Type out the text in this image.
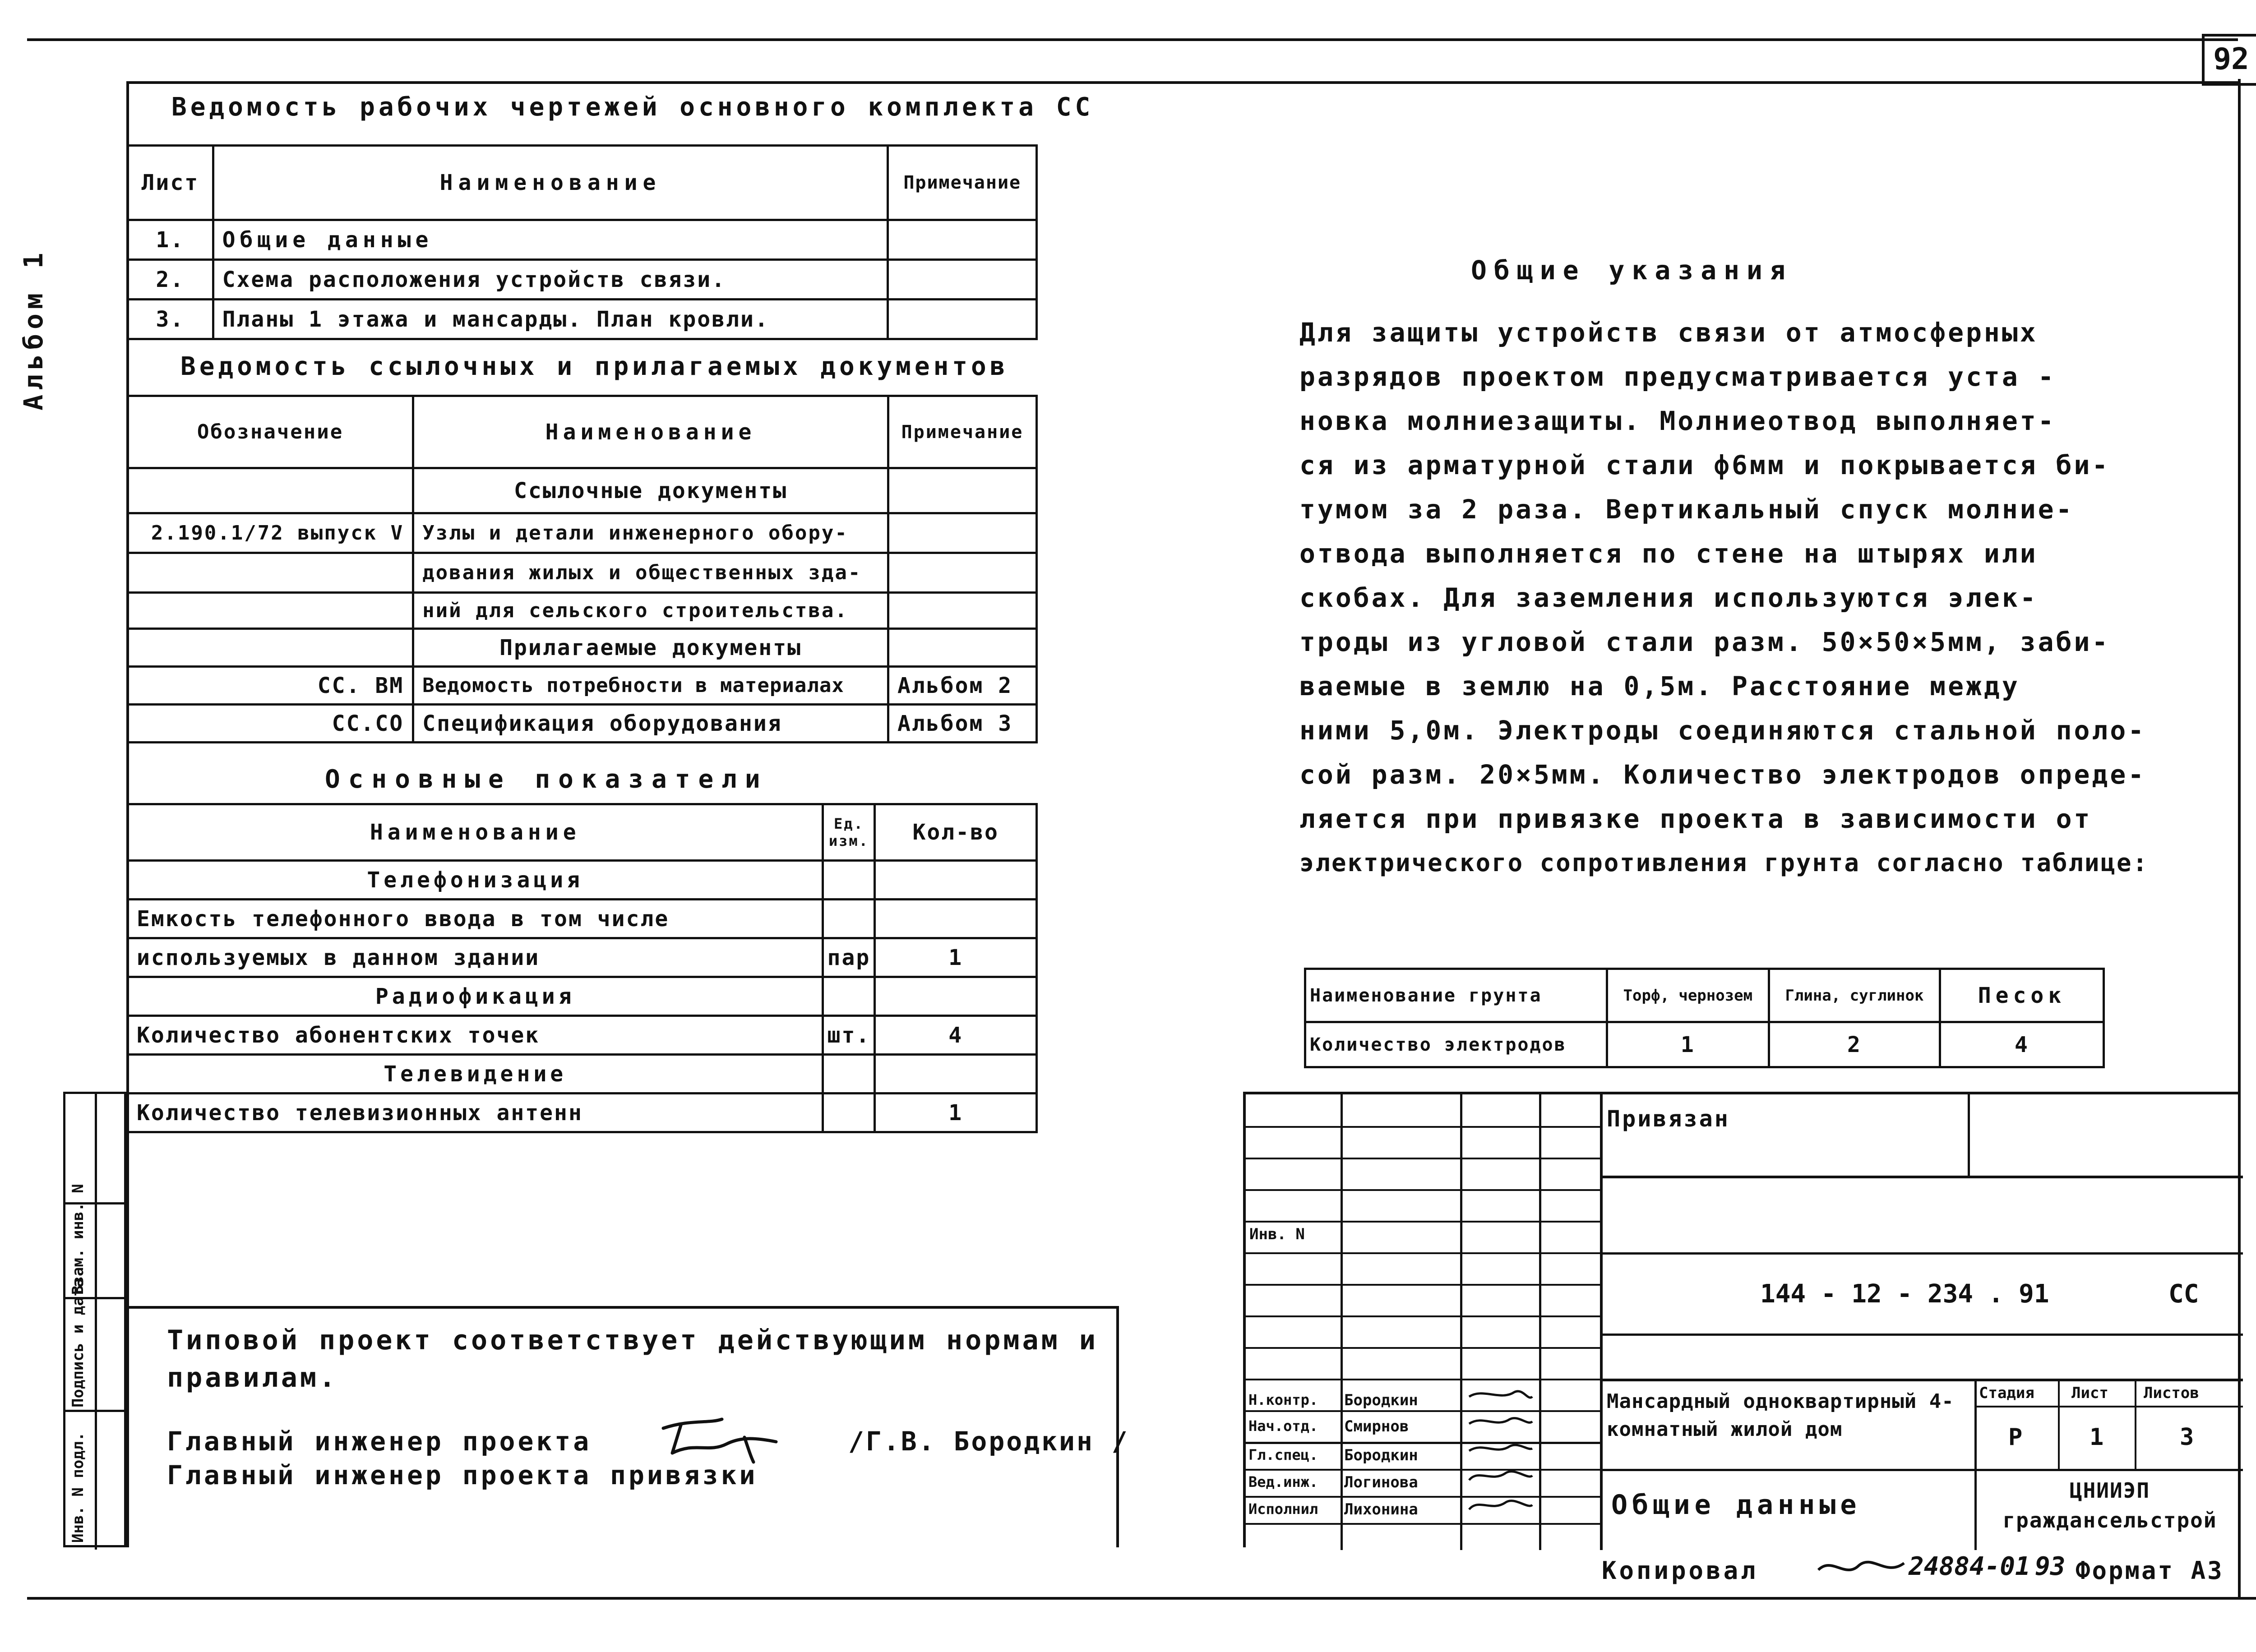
92
Альбом 1
Ведомость рабочих чертежей основного комплекта СС
Лист	Наименование	Примечание
1.	Общие данные	
2.	Схема расположения устройств связи.	
3.	Планы 1 этажа и мансарды. План кровли.	
Ведомость ссылочных и прилагаемых документов
Обозначение	Наименование	Примечание
	Ссылочные документы	
2.190.1/72 выпуск V	Узлы и детали инженерного обору-	
	дования жилых и общественных зда-	
	ний для сельского строительства.	
	Прилагаемые документы	
СС. ВМ	Ведомость потребности в материалах	Альбом 2
СС.СО	Спецификация оборудования	Альбом 3
Основные показатели
Наименование	Ед. изм.	Кол-во
Телефонизация		
Емкость телефонного ввода в том числе		
используемых в данном здании	пар	1
Радиофикация		
Количество абонентских точек	шт.	4
Телевидение		
Количество телевизионных антенн		1
Общие указания
Для защиты устройств связи от атмосферных
разрядов проектом предусматривается уста -
новка молниезащиты. Молниеотвод выполняет-
ся из арматурной стали ф6мм и покрывается би-
тумом за 2 раза. Вертикальный спуск молние-
отвода выполняется по стене на штырях или
скобах. Для заземления используются элек-
троды из угловой стали разм. 50×50×5мм, заби-
ваемые в землю на 0,5м. Расстояние между
ними 5,0м. Электроды соединяются стальной поло-
сой разм. 20×5мм. Количество электродов опреде-
ляется при привязке проекта в зависимости от
электрического сопротивления грунта согласно таблице:
Наименование грунта	Торф, чернозем	Глина, суглинок	Песок
Количество электродов	1	2	4
Типовой проект соответствует действующим нормам и
правилам.
Главный инженер проекта	/Г.В. Бородкин /
Главный инженер проекта привязки
Инв. N подл.
Подпись и дата
Взам. инв. N	Инв. N
Н.контр. Бородкин
Нач.отд. Смирнов
Гл.спец. Бородкин
Вед.инж. Логинова
Исполнил Лихонина
Привязан
144 - 12 - 234 . 91	СС
Мансардный одноквартирный 4-комнатный жилой дом
Общие данные
Стадия Лист Листов
Р	1	3
ЦНИИЭП граждансельстрой
Копировал	24884-01 93 Формат А3
